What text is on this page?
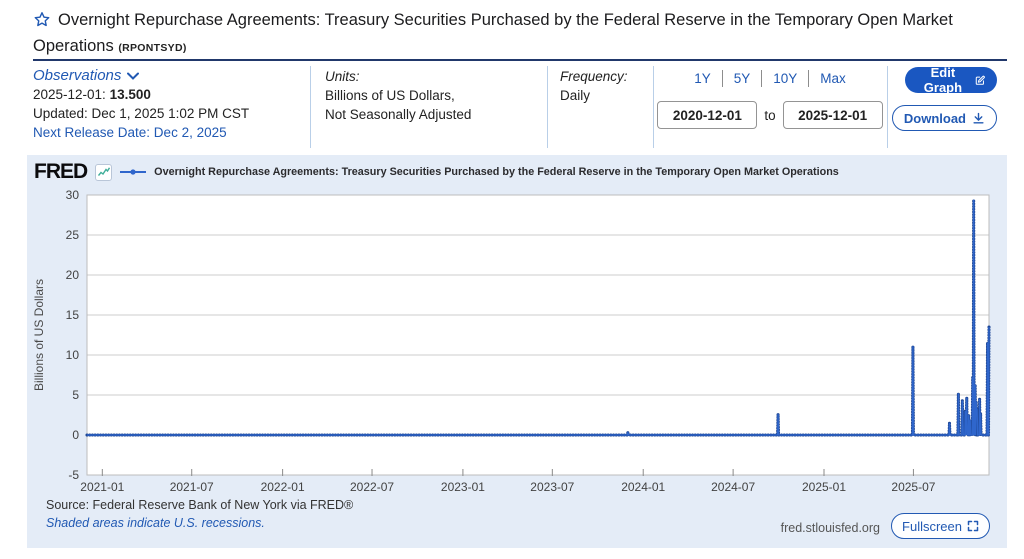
Overnight Repurchase Agreements: Treasury Securities Purchased by the Federal Reserve in the Temporary Open Market Operations (RPONTSYD)
Observations
2025-12-01: 13.500
Updated: Dec 1, 2025 1:02 PM CST
Next Release Date: Dec 2, 2025
Units:
Billions of US Dollars,
Not Seasonally Adjusted
Frequency:
Daily
1Y	5Y	10Y	Max
2020-12-01
to
2025-12-01
Edit Graph
Download
-5
0
5
10
15
20
25
30
2021-01	2021-07	2022-01	2022-07	2023-01	2023-07	2024-01	2024-07	2025-01	2025-07
Billions of US Dollars
FRED	Overnight Repurchase Agreements: Treasury Securities Purchased by the Federal Reserve in the Temporary Open Market Operations
Source: Federal Reserve Bank of New York via FRED®
Shaded areas indicate U.S. recessions.	fred.stlouisfed.org Fullscreen
